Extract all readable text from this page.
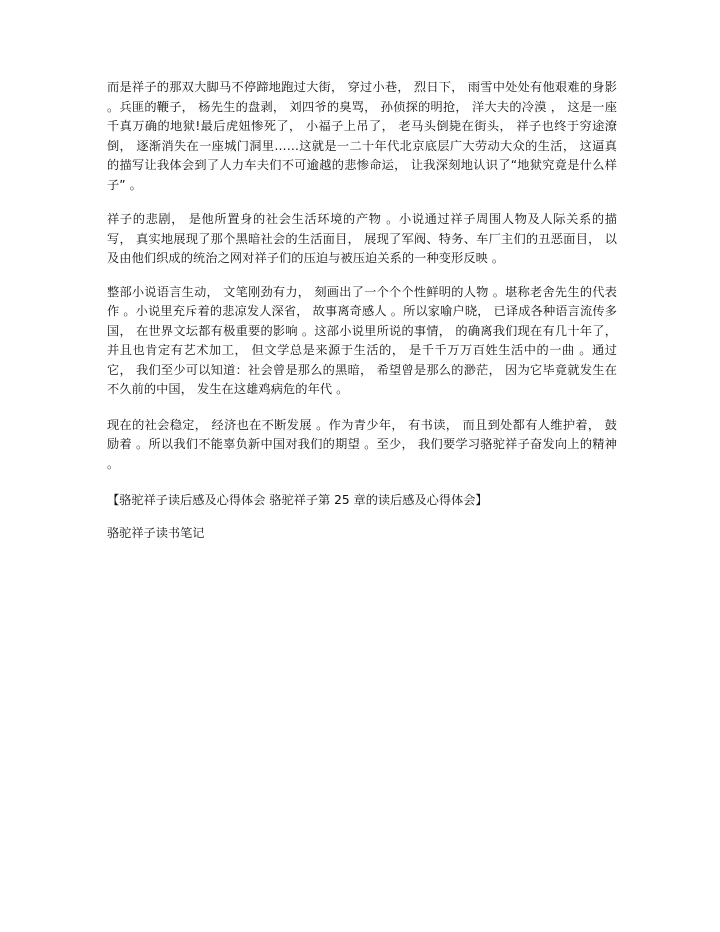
而是祥子的那双大脚马不停蹄地跑过大街， 穿过小巷， 烈日下， 雨雪中处处有他艰难的身影 。兵匪的鞭子， 杨先生的盘剥， 刘四爷的臭骂， 孙侦探的明抢， 洋大夫的冷漠 ， 这是一座千真万确的地狱!最后虎妞惨死了， 小福子上吊了， 老马头倒毙在街头， 祥子也终于穷途潦倒， 逐渐消失在一座城门洞里……这就是一二十年代北京底层广大劳动大众的生活， 这逼真的描写让我体会到了人力车夫们不可逾越的悲惨命运， 让我深刻地认识了“地狱究竟是什么样子” 。

祥子的悲剧， 是他所置身的社会生活环境的产物 。小说通过祥子周围人物及人际关系的描写， 真实地展现了那个黑暗社会的生活面目， 展现了军阀、特务、车厂主们的丑恶面目， 以及由他们织成的统治之网对祥子们的压迫与被压迫关系的一种变形反映 。

整部小说语言生动， 文笔刚劲有力， 刻画出了一个个个性鲜明的人物 。堪称老舍先生的代表作 。小说里充斥着的悲凉发人深省， 故事离奇感人 。所以家喻户晓， 已译成各种语言流传多国， 在世界文坛都有极重要的影响 。这部小说里所说的事情， 的确离我们现在有几十年了， 并且也肯定有艺术加工， 但文学总是来源于生活的， 是千千万万百姓生活中的一曲 。通过它， 我们至少可以知道：社会曾是那么的黑暗， 希望曾是那么的渺茫， 因为它毕竟就发生在不久前的中国， 发生在这雄鸡病危的年代 。

现在的社会稳定， 经济也在不断发展 。作为青少年， 有书读， 而且到处都有人维护着， 鼓励着 。所以我们不能辜负新中国对我们的期望 。至少， 我们要学习骆驼祥子奋发向上的精神 。

【骆驼祥子读后感及心得体会 骆驼祥子第 25 章的读后感及心得体会】

骆驼祥子读书笔记
